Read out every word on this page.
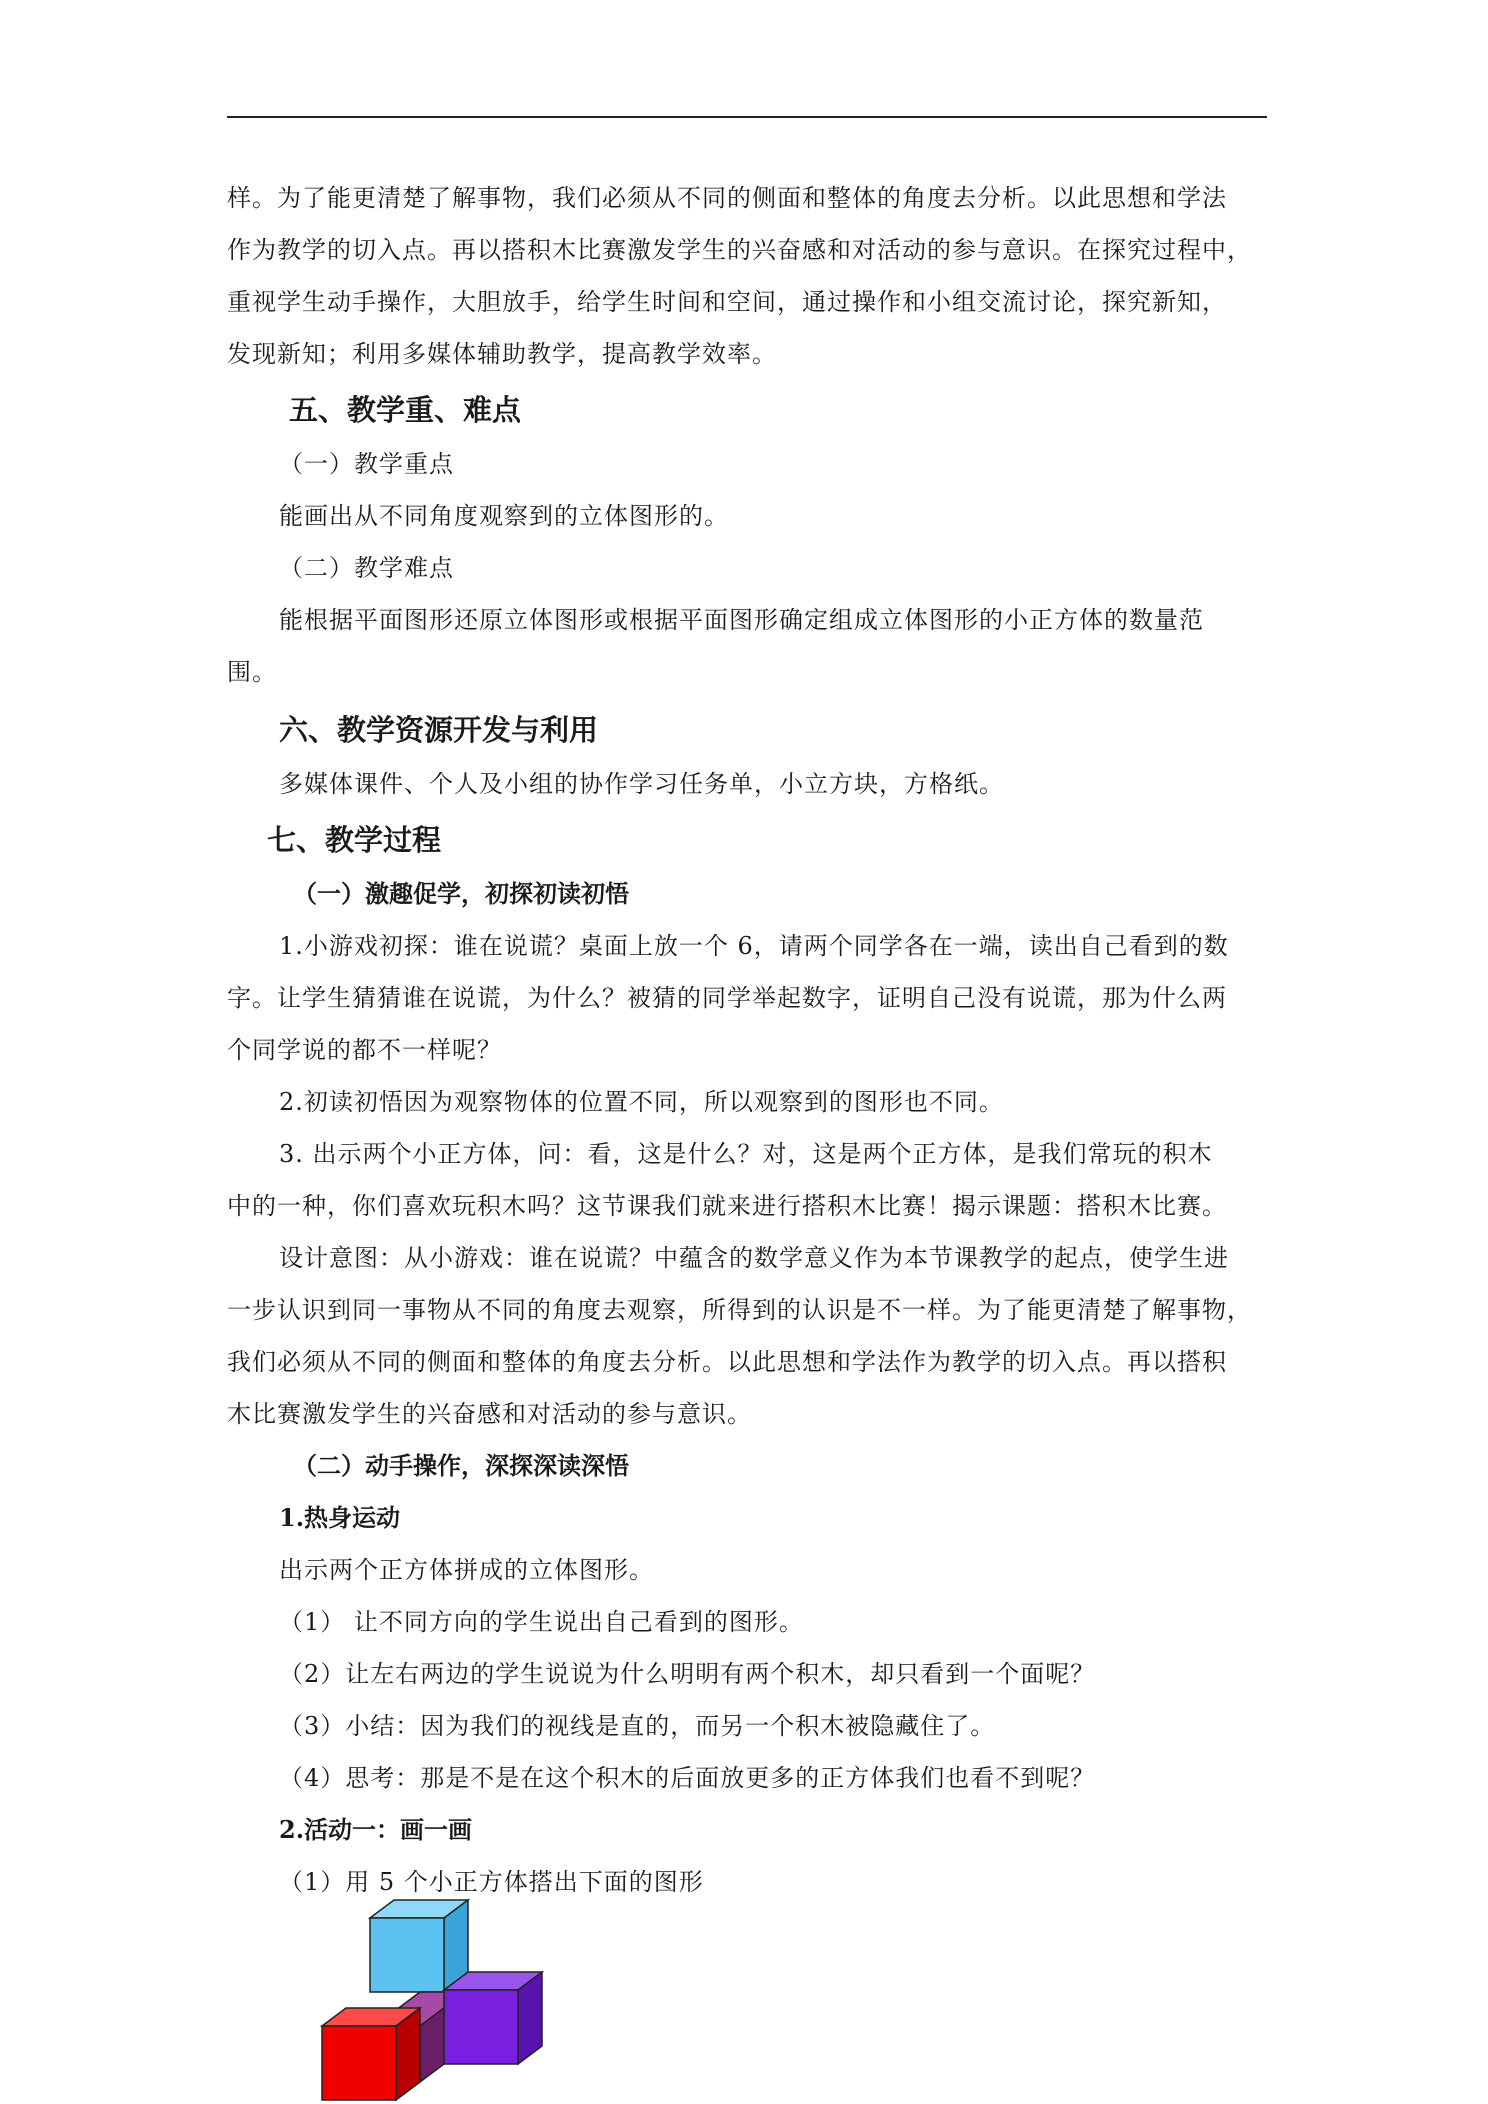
样。为了能更清楚了解事物，我们必须从不同的侧面和整体的角度去分析。以此思想和学法

作为教学的切入点。再以搭积木比赛激发学生的兴奋感和对活动的参与意识。在探究过程中，

重视学生动手操作，大胆放手，给学生时间和空间，通过操作和小组交流讨论，探究新知，

发现新知；利用多媒体辅助教学，提高教学效率。

五、教学重、难点

（一）教学重点

能画出从不同角度观察到的立体图形的。

（二）教学难点

能根据平面图形还原立体图形或根据平面图形确定组成立体图形的小正方体的数量范

围。

六、教学资源开发与利用

多媒体课件、个人及小组的协作学习任务单，小立方块，方格纸。

七、教学过程

（一）激趣促学，初探初读初悟

1.小游戏初探：谁在说谎？桌面上放一个 6，请两个同学各在一端，读出自己看到的数

字。让学生猜猜谁在说谎，为什么？被猜的同学举起数字，证明自己没有说谎，那为什么两

个同学说的都不一样呢？

2.初读初悟因为观察物体的位置不同，所以观察到的图形也不同。

3. 出示两个小正方体，问：看，这是什么？对，这是两个正方体，是我们常玩的积木

中的一种，你们喜欢玩积木吗？这节课我们就来进行搭积木比赛！揭示课题：搭积木比赛。

设计意图：从小游戏：谁在说谎？中蕴含的数学意义作为本节课教学的起点，使学生进

一步认识到同一事物从不同的角度去观察，所得到的认识是不一样。为了能更清楚了解事物，

我们必须从不同的侧面和整体的角度去分析。以此思想和学法作为教学的切入点。再以搭积

木比赛激发学生的兴奋感和对活动的参与意识。

（二）动手操作，深探深读深悟

1.热身运动

出示两个正方体拼成的立体图形。

（1） 让不同方向的学生说出自己看到的图形。

（2）让左右两边的学生说说为什么明明有两个积木，却只看到一个面呢？

（3）小结：因为我们的视线是直的，而另一个积木被隐藏住了。

（4）思考：那是不是在这个积木的后面放更多的正方体我们也看不到呢？

2.活动一：画一画

（1）用 5 个小正方体搭出下面的图形
